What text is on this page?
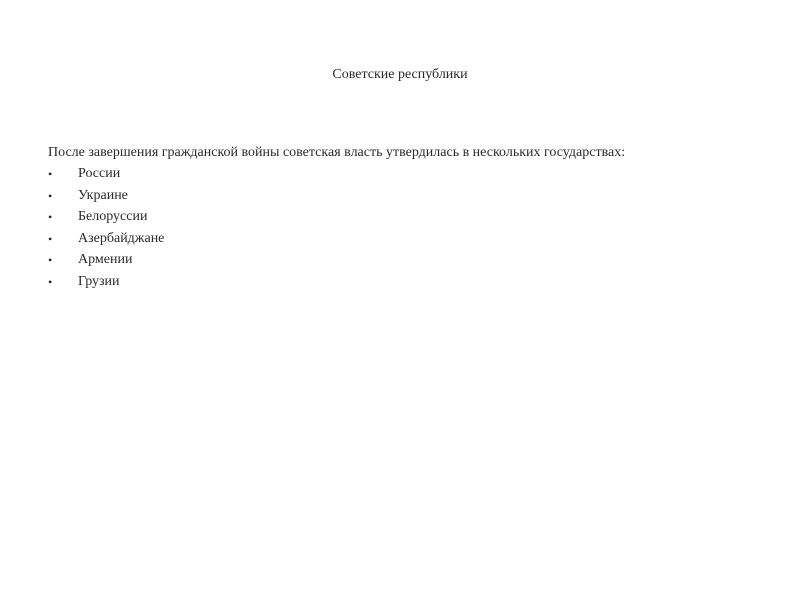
Советские республики
После завершения гражданской войны советская власть утвердилась в нескольких государствах:
•	России
•	Украине
•	Белоруссии
•	Азербайджане
•	Армении
•	Грузии
